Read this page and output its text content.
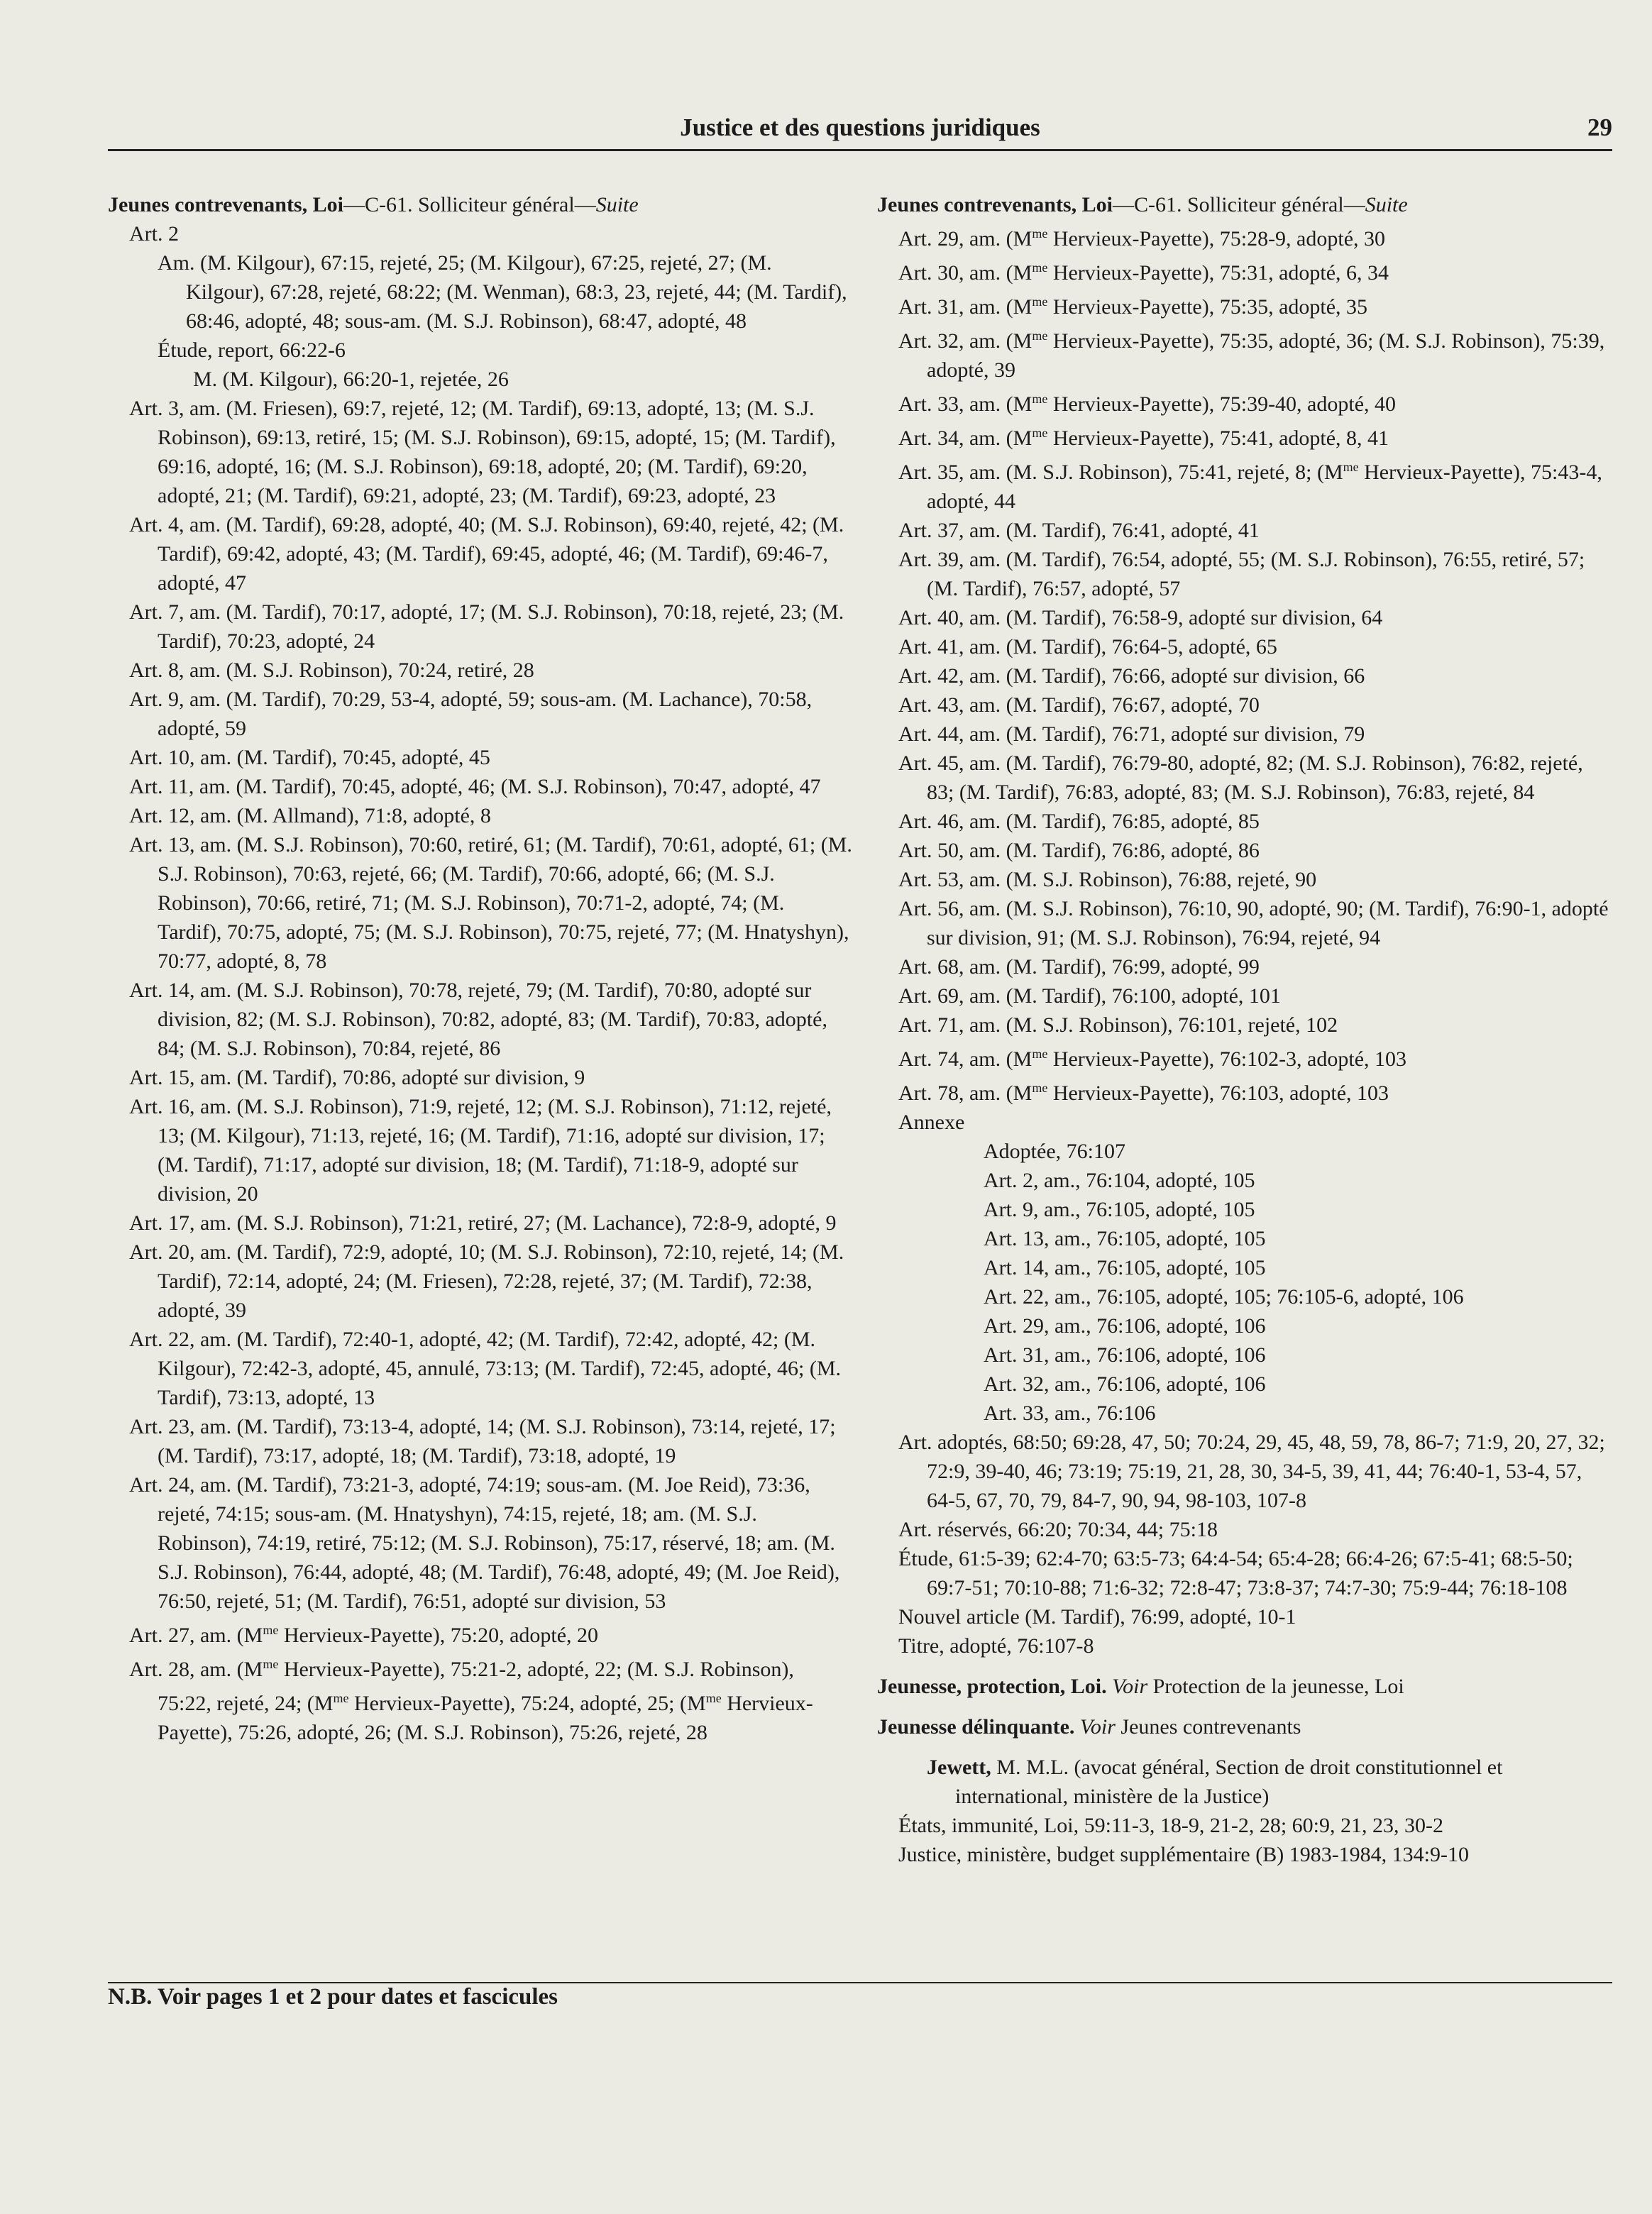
Justice et des questions juridiques	29
Jeunes contrevenants, Loi—C-61. Solliciteur général—Suite
Art. 2
Am. (M. Kilgour), 67:15, rejeté, 25; (M. Kilgour), 67:25, rejeté, 27; (M. Kilgour), 67:28, rejeté, 68:22; (M. Wenman), 68:3, 23, rejeté, 44; (M. Tardif), 68:46, adopté, 48; sous-am. (M. S.J. Robinson), 68:47, adopté, 48
Étude, report, 66:22-6
M. (M. Kilgour), 66:20-1, rejetée, 26
Art. 3, am. (M. Friesen), 69:7, rejeté, 12; (M. Tardif), 69:13, adopté, 13; (M. S.J. Robinson), 69:13, retiré, 15; (M. S.J. Robinson), 69:15, adopté, 15; (M. Tardif), 69:16, adopté, 16; (M. S.J. Robinson), 69:18, adopté, 20; (M. Tardif), 69:20, adopté, 21; (M. Tardif), 69:21, adopté, 23; (M. Tardif), 69:23, adopté, 23
Art. 4, am. (M. Tardif), 69:28, adopté, 40; (M. S.J. Robinson), 69:40, rejeté, 42; (M. Tardif), 69:42, adopté, 43; (M. Tardif), 69:45, adopté, 46; (M. Tardif), 69:46-7, adopté, 47
Art. 7, am. (M. Tardif), 70:17, adopté, 17; (M. S.J. Robinson), 70:18, rejeté, 23; (M. Tardif), 70:23, adopté, 24
Art. 8, am. (M. S.J. Robinson), 70:24, retiré, 28
Art. 9, am. (M. Tardif), 70:29, 53-4, adopté, 59; sous-am. (M. Lachance), 70:58, adopté, 59
Art. 10, am. (M. Tardif), 70:45, adopté, 45
Art. 11, am. (M. Tardif), 70:45, adopté, 46; (M. S.J. Robinson), 70:47, adopté, 47
Art. 12, am. (M. Allmand), 71:8, adopté, 8
Art. 13, am. (M. S.J. Robinson), 70:60, retiré, 61; (M. Tardif), 70:61, adopté, 61; (M. S.J. Robinson), 70:63, rejeté, 66; (M. Tardif), 70:66, adopté, 66; (M. S.J. Robinson), 70:66, retiré, 71; (M. S.J. Robinson), 70:71-2, adopté, 74; (M. Tardif), 70:75, adopté, 75; (M. S.J. Robinson), 70:75, rejeté, 77; (M. Hnatyshyn), 70:77, adopté, 8, 78
Art. 14, am. (M. S.J. Robinson), 70:78, rejeté, 79; (M. Tardif), 70:80, adopté sur division, 82; (M. S.J. Robinson), 70:82, adopté, 83; (M. Tardif), 70:83, adopté, 84; (M. S.J. Robinson), 70:84, rejeté, 86
Art. 15, am. (M. Tardif), 70:86, adopté sur division, 9
Art. 16, am. (M. S.J. Robinson), 71:9, rejeté, 12; (M. S.J. Robinson), 71:12, rejeté, 13; (M. Kilgour), 71:13, rejeté, 16; (M. Tardif), 71:16, adopté sur division, 17; (M. Tardif), 71:17, adopté sur division, 18; (M. Tardif), 71:18-9, adopté sur division, 20
Art. 17, am. (M. S.J. Robinson), 71:21, retiré, 27; (M. Lachance), 72:8-9, adopté, 9
Art. 20, am. (M. Tardif), 72:9, adopté, 10; (M. S.J. Robinson), 72:10, rejeté, 14; (M. Tardif), 72:14, adopté, 24; (M. Friesen), 72:28, rejeté, 37; (M. Tardif), 72:38, adopté, 39
Art. 22, am. (M. Tardif), 72:40-1, adopté, 42; (M. Tardif), 72:42, adopté, 42; (M. Kilgour), 72:42-3, adopté, 45, annulé, 73:13; (M. Tardif), 72:45, adopté, 46; (M. Tardif), 73:13, adopté, 13
Art. 23, am. (M. Tardif), 73:13-4, adopté, 14; (M. S.J. Robinson), 73:14, rejeté, 17; (M. Tardif), 73:17, adopté, 18; (M. Tardif), 73:18, adopté, 19
Art. 24, am. (M. Tardif), 73:21-3, adopté, 74:19; sous-am. (M. Joe Reid), 73:36, rejeté, 74:15; sous-am. (M. Hnatyshyn), 74:15, rejeté, 18; am. (M. S.J. Robinson), 74:19, retiré, 75:12; (M. S.J. Robinson), 75:17, réservé, 18; am. (M. S.J. Robinson), 76:44, adopté, 48; (M. Tardif), 76:48, adopté, 49; (M. Joe Reid), 76:50, rejeté, 51; (M. Tardif), 76:51, adopté sur division, 53
Art. 27, am. ($M^{me}$ Hervieux-Payette), 75:20, adopté, 20
Art. 28, am. ($M^{me}$ Hervieux-Payette), 75:21-2, adopté, 22; (M. S.J. Robinson), 75:22, rejeté, 24; ($M^{me}$ Hervieux-Payette), 75:24, adopté, 25; ($M^{me}$ Hervieux-Payette), 75:26, adopté, 26; (M. S.J. Robinson), 75:26, rejeté, 28
Jeunes contrevenants, Loi—C-61. Solliciteur général—Suite
Art. 29, am. ($M^{me}$ Hervieux-Payette), 75:28-9, adopté, 30
Art. 30, am. ($M^{me}$ Hervieux-Payette), 75:31, adopté, 6, 34
Art. 31, am. ($M^{me}$ Hervieux-Payette), 75:35, adopté, 35
Art. 32, am. ($M^{me}$ Hervieux-Payette), 75:35, adopté, 36; (M. S.J. Robinson), 75:39, adopté, 39
Art. 33, am. ($M^{me}$ Hervieux-Payette), 75:39-40, adopté, 40
Art. 34, am. ($M^{me}$ Hervieux-Payette), 75:41, adopté, 8, 41
Art. 35, am. (M. S.J. Robinson), 75:41, rejeté, 8; ($M^{me}$ Hervieux-Payette), 75:43-4, adopté, 44
Art. 37, am. (M. Tardif), 76:41, adopté, 41
Art. 39, am. (M. Tardif), 76:54, adopté, 55; (M. S.J. Robinson), 76:55, retiré, 57; (M. Tardif), 76:57, adopté, 57
Art. 40, am. (M. Tardif), 76:58-9, adopté sur division, 64
Art. 41, am. (M. Tardif), 76:64-5, adopté, 65
Art. 42, am. (M. Tardif), 76:66, adopté sur division, 66
Art. 43, am. (M. Tardif), 76:67, adopté, 70
Art. 44, am. (M. Tardif), 76:71, adopté sur division, 79
Art. 45, am. (M. Tardif), 76:79-80, adopté, 82; (M. S.J. Robinson), 76:82, rejeté, 83; (M. Tardif), 76:83, adopté, 83; (M. S.J. Robinson), 76:83, rejeté, 84
Art. 46, am. (M. Tardif), 76:85, adopté, 85
Art. 50, am. (M. Tardif), 76:86, adopté, 86
Art. 53, am. (M. S.J. Robinson), 76:88, rejeté, 90
Art. 56, am. (M. S.J. Robinson), 76:10, 90, adopté, 90; (M. Tardif), 76:90-1, adopté sur division, 91; (M. S.J. Robinson), 76:94, rejeté, 94
Art. 68, am. (M. Tardif), 76:99, adopté, 99
Art. 69, am. (M. Tardif), 76:100, adopté, 101
Art. 71, am. (M. S.J. Robinson), 76:101, rejeté, 102
Art. 74, am. ($M^{me}$ Hervieux-Payette), 76:102-3, adopté, 103
Art. 78, am. ($M^{me}$ Hervieux-Payette), 76:103, adopté, 103
Annexe
Adoptée, 76:107
Art. 2, am., 76:104, adopté, 105
Art. 9, am., 76:105, adopté, 105
Art. 13, am., 76:105, adopté, 105
Art. 14, am., 76:105, adopté, 105
Art. 22, am., 76:105, adopté, 105; 76:105-6, adopté, 106
Art. 29, am., 76:106, adopté, 106
Art. 31, am., 76:106, adopté, 106
Art. 32, am., 76:106, adopté, 106
Art. 33, am., 76:106
Art. adoptés, 68:50; 69:28, 47, 50; 70:24, 29, 45, 48, 59, 78, 86-7; 71:9, 20, 27, 32; 72:9, 39-40, 46; 73:19; 75:19, 21, 28, 30, 34-5, 39, 41, 44; 76:40-1, 53-4, 57, 64-5, 67, 70, 79, 84-7, 90, 94, 98-103, 107-8
Art. réservés, 66:20; 70:34, 44; 75:18
Étude, 61:5-39; 62:4-70; 63:5-73; 64:4-54; 65:4-28; 66:4-26; 67:5-41; 68:5-50; 69:7-51; 70:10-88; 71:6-32; 72:8-47; 73:8-37; 74:7-30; 75:9-44; 76:18-108
Nouvel article (M. Tardif), 76:99, adopté, 10-1
Titre, adopté, 76:107-8
Jeunesse, protection, Loi. Voir Protection de la jeunesse, Loi
Jeunesse délinquante. Voir Jeunes contrevenants
Jewett, M. M.L. (avocat général, Section de droit constitutionnel et international, ministère de la Justice)
États, immunité, Loi, 59:11-3, 18-9, 21-2, 28; 60:9, 21, 23, 30-2
Justice, ministère, budget supplémentaire (B) 1983-1984, 134:9-10
N.B. Voir pages 1 et 2 pour dates et fascicules
